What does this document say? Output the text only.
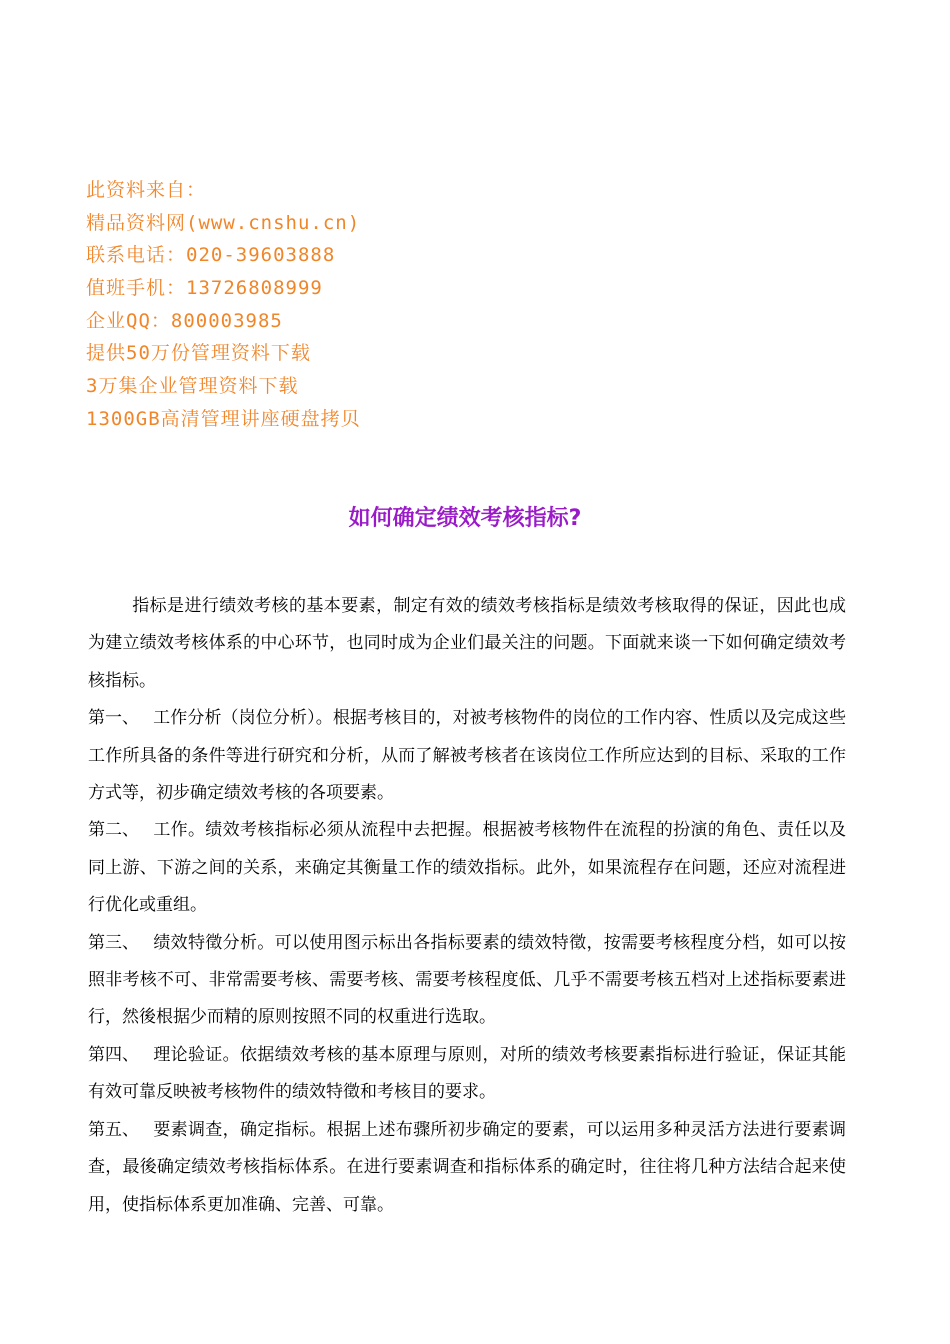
此资料来自：
精品资料网(www.cnshu.cn)
联系电话：020-39603888
值班手机：13726808999
企业QQ：800003985
提供50万份管理资料下载
3万集企业管理资料下载
1300GB高清管理讲座硬盘拷贝
如何确定绩效考核指标?

指标是进行绩效考核的基本要素，制定有效的绩效考核指标是绩效考核取得的保证，因此也成为建立绩效考核体系的中心环节，也同时成为企业们最关注的问题。下面就来谈一下如何确定绩效考核指标。

第一、 工作分析（岗位分析）。根据考核目的，对被考核物件的岗位的工作内容、性质以及完成这些工作所具备的条件等进行研究和分析，从而了解被考核者在该岗位工作所应达到的目标、采取的工作方式等，初步确定绩效考核的各项要素。

第二、 工作。绩效考核指标必须从流程中去把握。根据被考核物件在流程的扮演的角色、责任以及同上游、下游之间的关系，来确定其衡量工作的绩效指标。此外，如果流程存在问题，还应对流程进行优化或重组。

第三、 绩效特徵分析。可以使用图示标出各指标要素的绩效特徵，按需要考核程度分档，如可以按照非考核不可、非常需要考核、需要考核、需要考核程度低、几乎不需要考核五档对上述指标要素进行，然後根据少而精的原则按照不同的权重进行选取。

第四、 理论验证。依据绩效考核的基本原理与原则，对所的绩效考核要素指标进行验证，保证其能有效可靠反映被考核物件的绩效特徵和考核目的要求。

第五、 要素调查，确定指标。根据上述布骤所初步确定的要素，可以运用多种灵活方法进行要素调查，最後确定绩效考核指标体系。在进行要素调查和指标体系的确定时，往往将几种方法结合起来使用，使指标体系更加准确、完善、可靠。
